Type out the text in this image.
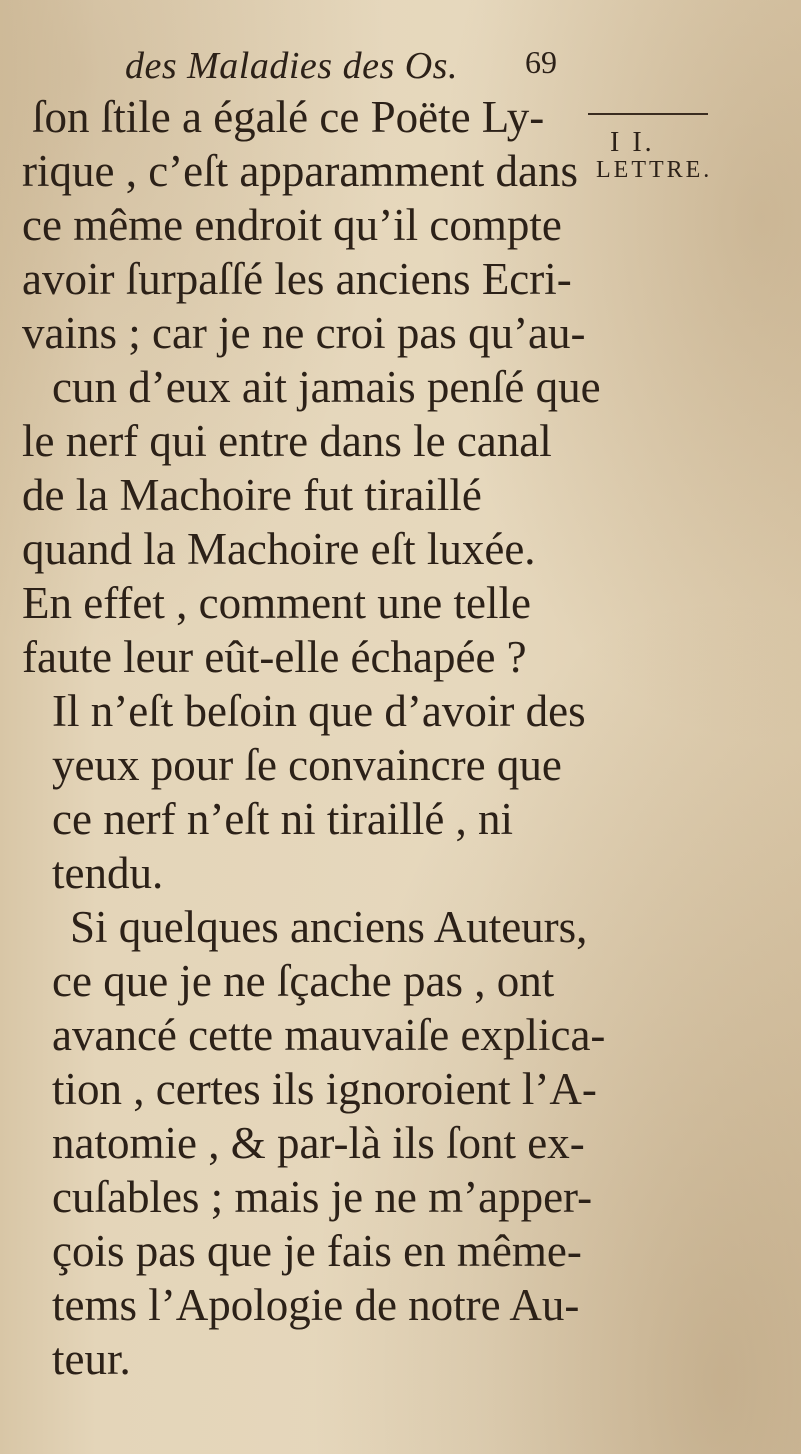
des Maladies des Os. 69
I I.
LETTRE.
ſon ſtile a égalé ce Poëte Ly-
rique , c’eſt apparamment dans
ce même endroit qu’il compte
avoir ſurpaſſé les anciens Ecri-
vains ; car je ne croi pas qu’au-
cun d’eux ait jamais penſé que
le nerf qui entre dans le canal
de la Machoire fut tiraillé
quand la Machoire eſt luxée.
En effet , comment une telle
faute leur eût-elle échapée ?
Il n’eſt beſoin que d’avoir des
yeux pour ſe convaincre que
ce nerf n’eſt ni tiraillé , ni
tendu.
Si quelques anciens Auteurs,
ce que je ne ſçache pas , ont
avancé cette mauvaiſe explica-
tion , certes ils ignoroient l’A-
natomie , & par-là ils ſont ex-
cuſables ; mais je ne m’apper-
çois pas que je fais en même-
tems l’Apologie de notre Au-
teur.
